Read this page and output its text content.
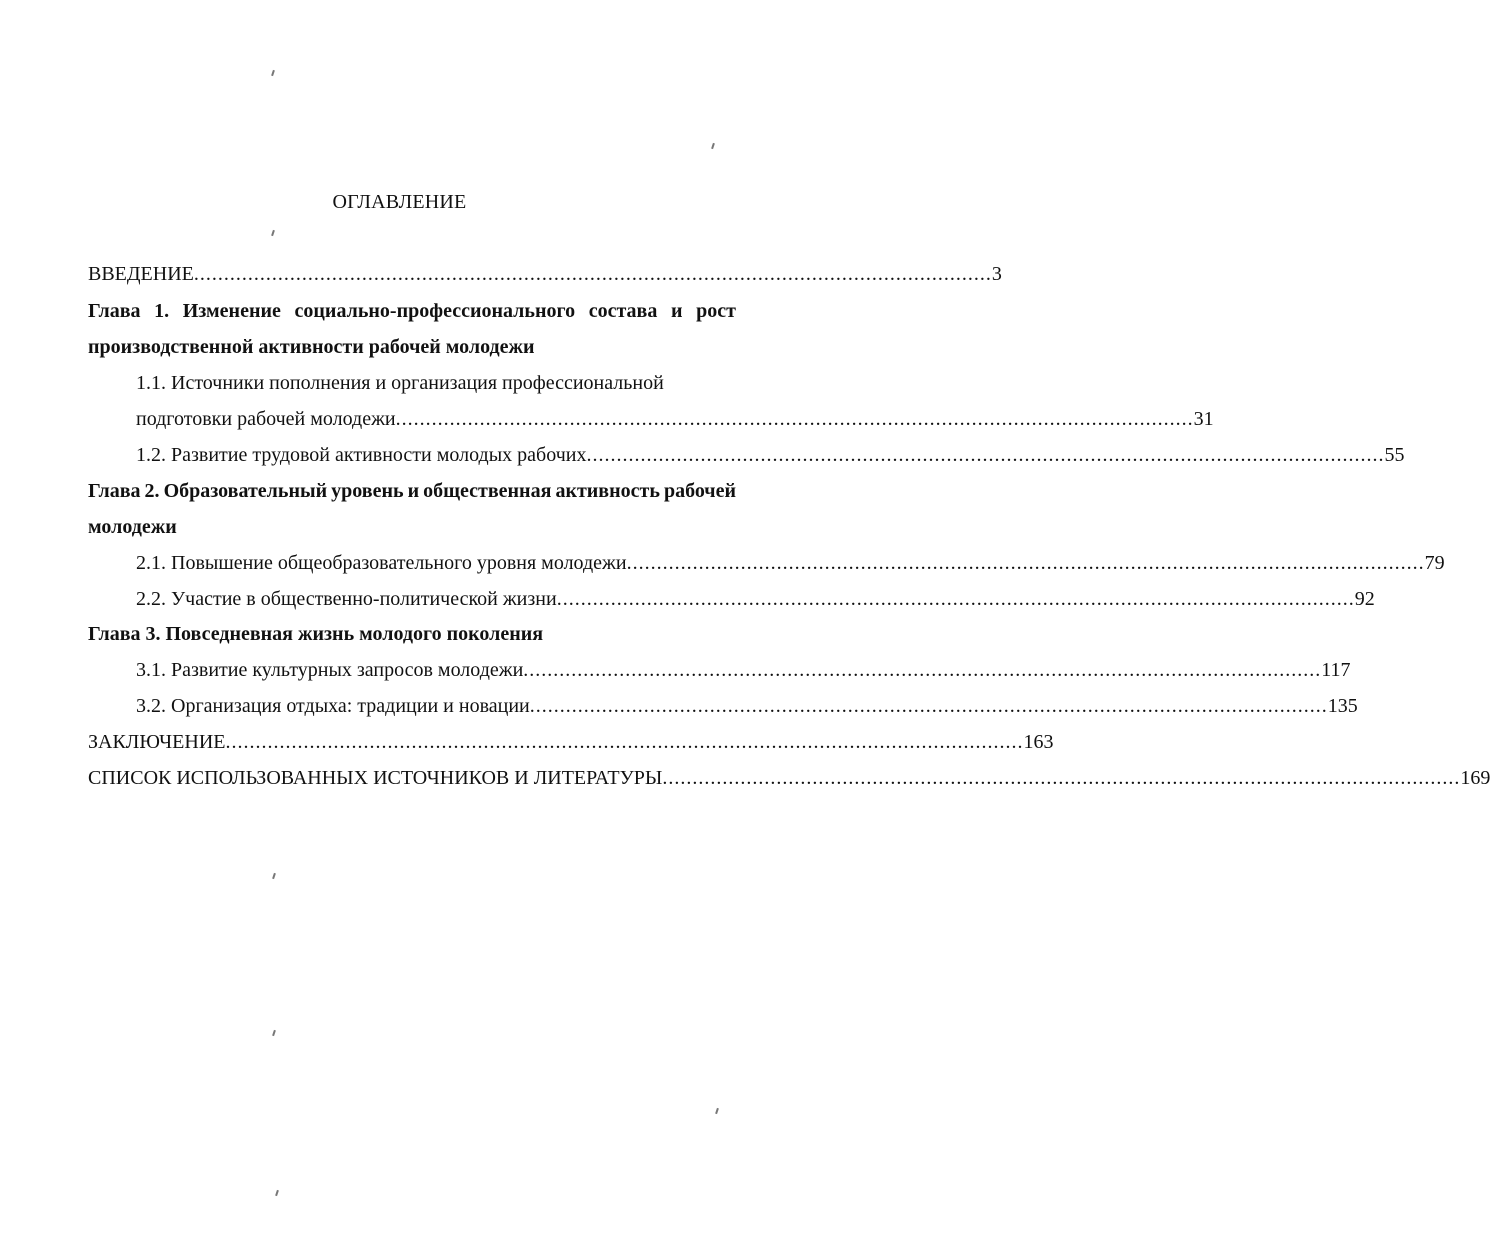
ОГЛАВЛЕНИЕ
ВВЕДЕНИЕ ..................................................................................................................................... 3
Глава 1. Изменение социально-профессионального состава и рост
производственной активности рабочей молодежи
1.1. Источники пополнения и организация профессиональной
подготовки рабочей молодежи ..................................................................................................................................... 31
1.2. Развитие трудовой активности молодых рабочих ..................................................................................................................................... 55
Глава 2. Образовательный уровень и общественная активность рабочей
молодежи
2.1. Повышение общеобразовательного уровня молодежи ..................................................................................................................................... 79
2.2. Участие в общественно-политической жизни ..................................................................................................................................... 92
Глава 3. Повседневная жизнь молодого поколения
3.1. Развитие культурных запросов молодежи ..................................................................................................................................... 117
3.2. Организация отдыха: традиции и новации ..................................................................................................................................... 135
ЗАКЛЮЧЕНИЕ ..................................................................................................................................... 163
СПИСОК ИСПОЛЬЗОВАННЫХ ИСТОЧНИКОВ И ЛИТЕРАТУРЫ ..................................................................................................................................... 169
